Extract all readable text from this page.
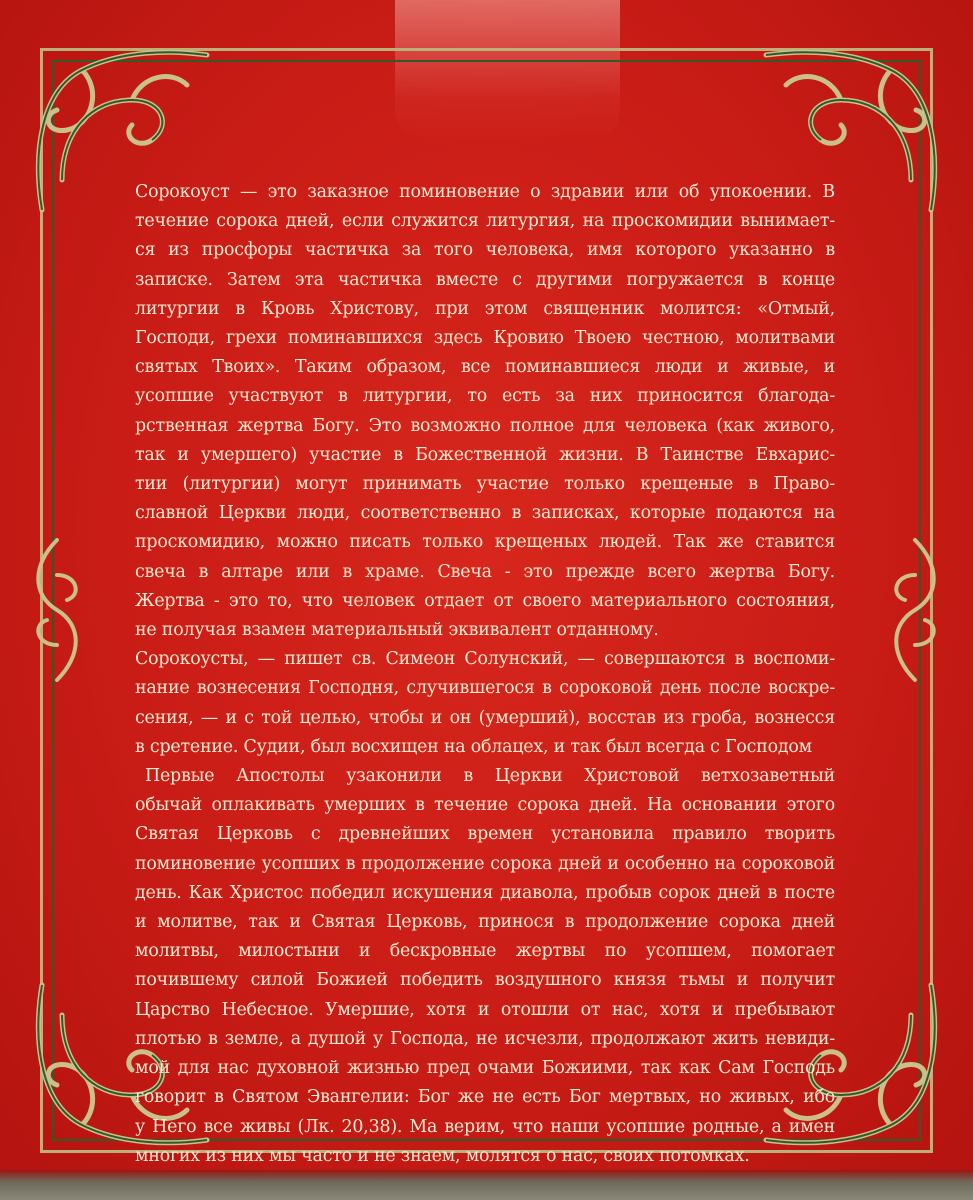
Сорокоуст — это заказное поминовение о здравии или об упокоении. В
течение сорока дней, если служится литургия, на проскомидии вынимает-
ся из просфоры частичка за того человека, имя которого указанно в
записке. Затем эта частичка вместе с другими погружается в конце
литургии в Кровь Христову, при этом священник молится: «Отмый,
Господи, грехи поминавшихся здесь Кровию Твоею честною, молитвами
святых Твоих». Таким образом, все поминавшиеся люди и живые, и
усопшие участвуют в литургии, то есть за них приносится благода-
рственная жертва Богу. Это возможно полное для человека (как живого,
так и умершего) участие в Божественной жизни. В Таинстве Евхарис-
тии (литургии) могут принимать участие только крещеные в Право-
славной Церкви люди, соответственно в записках, которые подаются на
проскомидию, можно писать только крещеных людей. Так же ставится
свеча в алтаре или в храме. Свеча - это прежде всего жертва Богу.
Жертва - это то, что человек отдает от своего материального состояния,
не получая взамен материальный эквивалент отданному.
Сорокоусты, — пишет св. Симеон Солунский, — совершаются в воспоми-
нание вознесения Господня, случившегося в сороковой день после воскре-
сения, — и с той целью, чтобы и он (умерший), восстав из гроба, вознесся
в сретение. Судии, был восхищен на облацех, и так был всегда с Господом
Первые Апостолы узаконили в Церкви Христовой ветхозаветный
обычай оплакивать умерших в течение сорока дней. На основании этого
Святая Церковь с древнейших времен установила правило творить
поминовение усопших в продолжение сорока дней и особенно на сороковой
день. Как Христос победил искушения диавола, пробыв сорок дней в посте
и молитве, так и Святая Церковь, принося в продолжение сорока дней
молитвы, милостыни и бескровные жертвы по усопшем, помогает
почившему силой Божией победить воздушного князя тьмы и получит
Царство Небесное. Умершие, хотя и отошли от нас, хотя и пребывают
плотью в земле, а душой у Господа, не исчезли, продолжают жить невиди-
мой для нас духовной жизнью пред очами Божиими, так как Сам Господь
говорит в Святом Эвангелии: Бог же не есть Бог мертвых, но живых, ибо
у Него все живы (Лк. 20,38). Ма верим, что наши усопшие родные, а имен
многих из них мы часто и не знаем, молятся о нас, своих потомках.
